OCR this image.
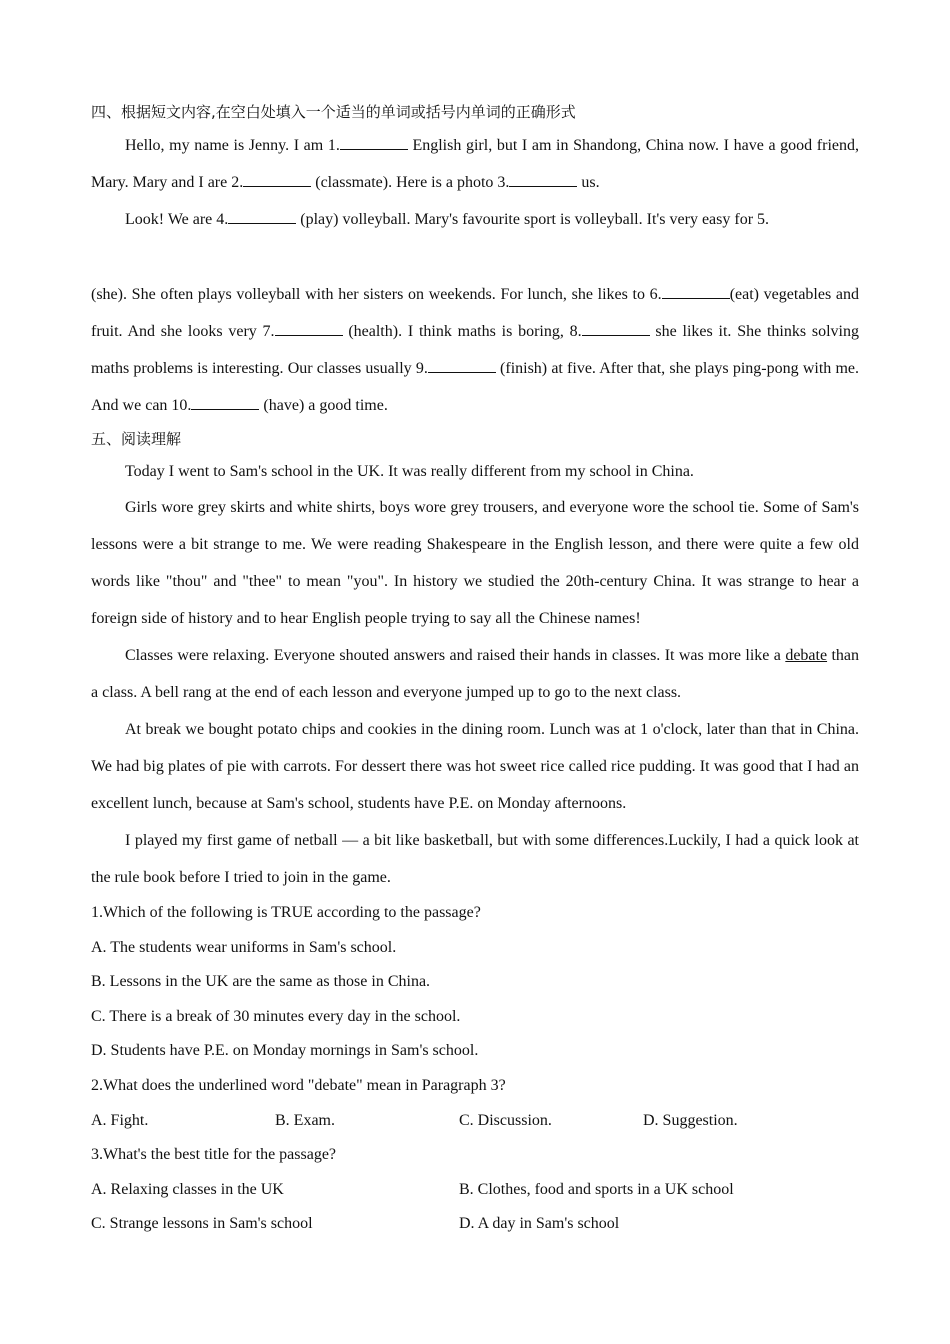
四、根据短文内容,在空白处填入一个适当的单词或括号内单词的正确形式

Hello, my name is Jenny. I am 1.	English girl, but I am in Shandong, China now. I have a good friend, Mary. Mary and I are 2.	(classmate). Here is a photo 3.	us.

Look! We are 4.	(play) volleyball. Mary's favourite sport is volleyball. It's very easy for 5.

(she). She often plays volleyball with her sisters on weekends. For lunch, she likes to 6.	(eat) vegetables and fruit. And she looks very 7.	(health). I think maths is boring, 8.	she likes it. She thinks solving maths problems is interesting. Our classes usually 9.	(finish) at five. After that, she plays ping-pong with me. And we can 10.	(have) a good time.

五、阅读理解

Today I went to Sam's school in the UK. It was really different from my school in China.

Girls wore grey skirts and white shirts, boys wore grey trousers, and everyone wore the school tie. Some of Sam's lessons were a bit strange to me. We were reading Shakespeare in the English lesson, and there were quite a few old words like "thou" and "thee" to mean "you". In history we studied the 20th-century China. It was strange to hear a foreign side of history and to hear English people trying to say all the Chinese names!

Classes were relaxing. Everyone shouted answers and raised their hands in classes. It was more like a debate than a class. A bell rang at the end of each lesson and everyone jumped up to go to the next class.

At break we bought potato chips and cookies in the dining room. Lunch was at 1 o'clock, later than that in China. We had big plates of pie with carrots. For dessert there was hot sweet rice called rice pudding. It was good that I had an excellent lunch, because at Sam's school, students have P.E. on Monday afternoons.

I played my first game of netball — a bit like basketball, but with some differences.Luckily, I had a quick look at the rule book before I tried to join in the game.

1.Which of the following is TRUE according to the passage?

A. The students wear uniforms in Sam's school.

B. Lessons in the UK are the same as those in China.

C. There is a break of 30 minutes every day in the school.

D. Students have P.E. on Monday mornings in Sam's school.

2.What does the underlined word "debate" mean in Paragraph 3?

A. Fight.	B. Exam.	C. Discussion.	D. Suggestion.

3.What's the best title for the passage?

A. Relaxing classes in the UK	B. Clothes, food and sports in a UK school
C. Strange lessons in Sam's school	D. A day in Sam's school
